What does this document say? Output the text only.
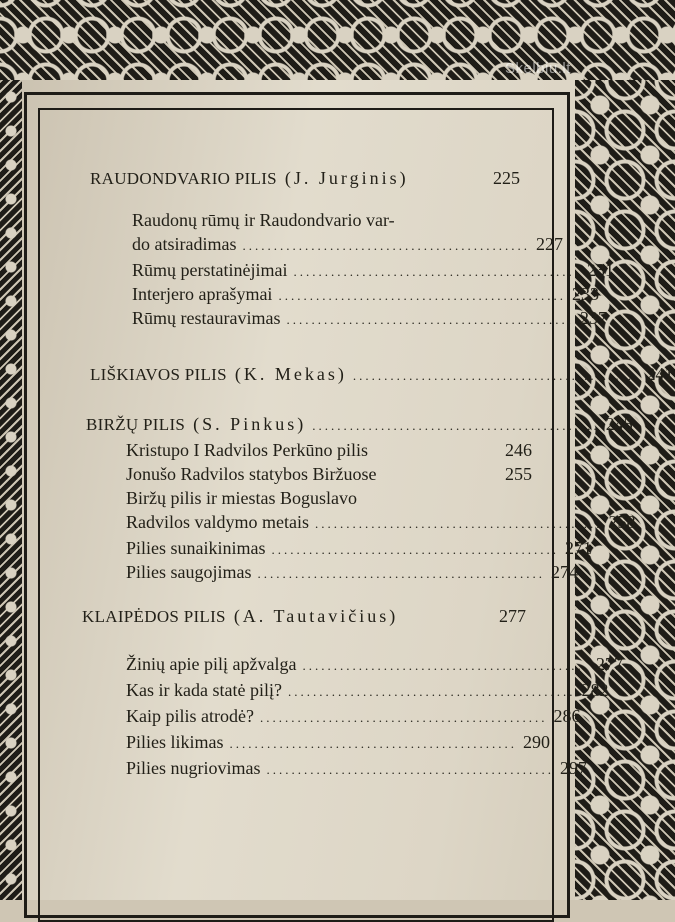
Skelbiu.lt
RAUDONDVARIO PILIS (J. Jurginis)	225
Raudonų rūmų ir Raudondvario var-
do atsiradimas .............................................. 227
Rūmų perstatinėjimai .............................................. 231
Interjero aprašymai .............................................. 233
Rūmų restauravimas .............................................. 237
LIŠKIAVOS PILIS (K. Mekas) .............................................. 241
BIRŽŲ PILIS (S. Pinkus) .............................................. 245
Kristupo I Radvilos Perkūno pilis	246
Jonušo Radvilos statybos Biržuose	255
Biržų pilis ir miestas Boguslavo
Radvilos valdymo metais .............................................. 258
Pilies sunaikinimas .............................................. 271
Pilies saugojimas .............................................. 274
KLAIPĖDOS PILIS (A. Tautavičius)	277
Žinių apie pilį apžvalga .............................................. 277
Kas ir kada statė pilį? .............................................. 282
Kaip pilis atrodė? .............................................. 286
Pilies likimas .............................................. 290
Pilies nugriovimas .............................................. 297
